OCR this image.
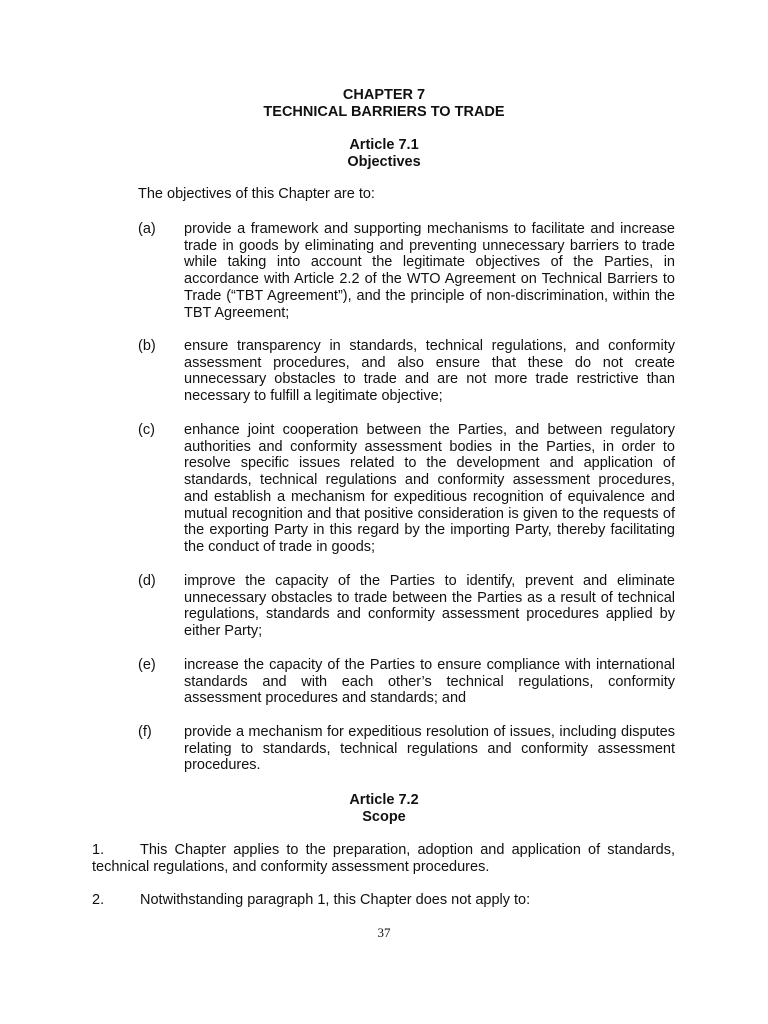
CHAPTER 7
TECHNICAL BARRIERS TO TRADE
Article 7.1
Objectives
The objectives of this Chapter are to:
(a) provide a framework and supporting mechanisms to facilitate and increase trade in goods by eliminating and preventing unnecessary barriers to trade while taking into account the legitimate objectives of the Parties, in accordance with Article 2.2 of the WTO Agreement on Technical Barriers to Trade (“TBT Agreement”), and the principle of non-discrimination, within the TBT Agreement;
(b) ensure transparency in standards, technical regulations, and conformity assessment procedures, and also ensure that these do not create unnecessary obstacles to trade and are not more trade restrictive than necessary to fulfill a legitimate objective;
(c) enhance joint cooperation between the Parties, and between regulatory authorities and conformity assessment bodies in the Parties, in order to resolve specific issues related to the development and application of standards, technical regulations and conformity assessment procedures, and establish a mechanism for expeditious recognition of equivalence and mutual recognition and that positive consideration is given to the requests of the exporting Party in this regard by the importing Party, thereby facilitating the conduct of trade in goods;
(d) improve the capacity of the Parties to identify, prevent and eliminate unnecessary obstacles to trade between the Parties as a result of technical regulations, standards and conformity assessment procedures applied by either Party;
(e) increase the capacity of the Parties to ensure compliance with international standards and with each other’s technical regulations, conformity assessment procedures and standards; and
(f) provide a mechanism for expeditious resolution of issues, including disputes relating to standards, technical regulations and conformity assessment procedures.
Article 7.2
Scope
1. This Chapter applies to the preparation, adoption and application of standards, technical regulations, and conformity assessment procedures.
2. Notwithstanding paragraph 1, this Chapter does not apply to:
37
